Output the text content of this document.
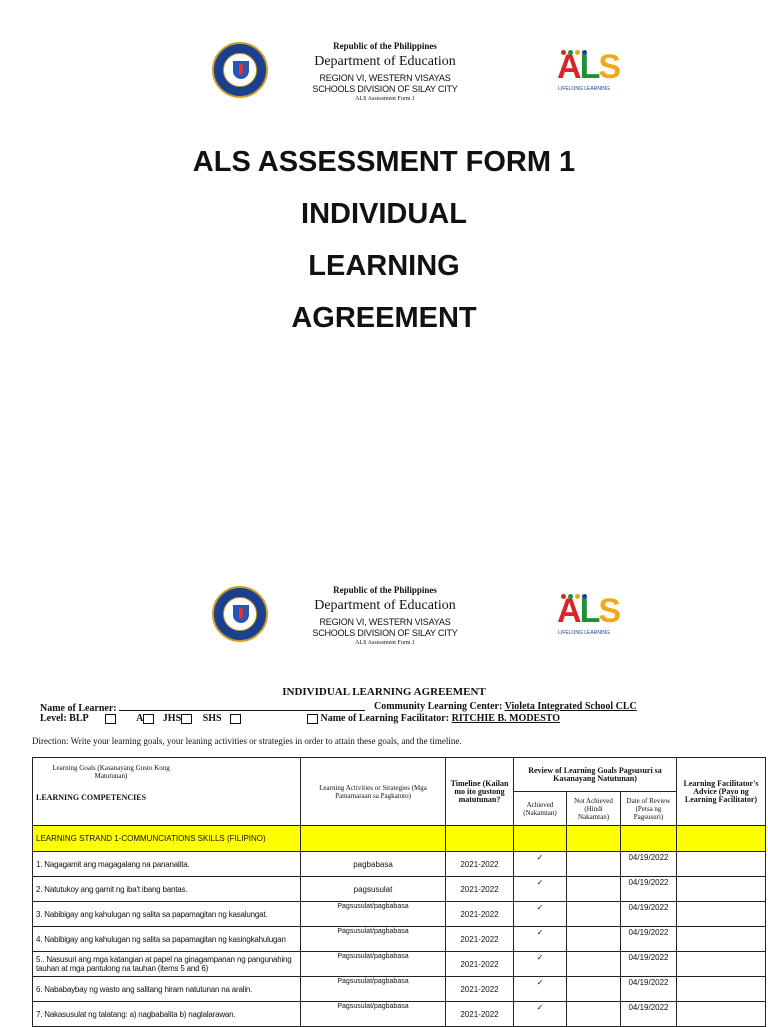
Republic of the Philippines
Department of Education
REGION VI, WESTERN VISAYAS
SCHOOLS DIVISION OF SILAY CITY
ALS Assessment Form 1
ALS
LIFELONG LEARNING
ALS ASSESSMENT FORM 1
INDIVIDUAL
LEARNING
AGREEMENT
Republic of the Philippines
Department of Education
REGION VI, WESTERN VISAYAS
SCHOOLS DIVISION OF SILAY CITY
ALS Assessment Form 1
ALS
LIFELONG LEARNING
INDIVIDUAL LEARNING AGREEMENT
Name of Learner:	Community Learning Center: Violeta Integrated School CLC
Level: BLP	A JHS SHS	Name of Learning Facilitator: RITCHIE B. MODESTO
Direction: Write your learning goals, your leaning activities or strategies in order to attain these goals, and the timeline.
Learning Goals (Kasanayang Gusto Kong Matutunan)
LEARNING COMPETENCIES	Learning Activities or Strategies (Mga Pamamaraan sa Pagkatuto)	Timeline (Kailan mo ito gustong matutunan?	Review of Learning Goals Pagsusuri sa Kasanayang Natutunan)			Learning Facilitator's Advice (Payo ng Learning Facilitator)
			Achieved (Nakamtan)	Not Achieved (Hindi Nakamtan)	Date of Review (Petsa ng Pagsusuri)	
LEARNING STRAND 1-COMMUNCIATIONS SKILLS (FILIPINO)						
1. Nagagamit ang magagalang na pananalita.	pagbabasa	2021-2022	✓		04/19/2022	
2. Natutukoy ang gamit ng iba't ibang bantas.	pagsusulat	2021-2022	✓		04/19/2022	
3. Nabibigay ang kahulugan ng salita sa papamagitan ng kasalungat.	Pagsusulat/pagbabasa	2021-2022	✓		04/19/2022	
4. Nabibigay ang kahulugan ng salita sa papamagitan ng kasingkahulugan	Pagsusulat/pagbabasa	2021-2022	✓		04/19/2022	
5.. Nasusuri ang mga katangian at papel na ginagampanan ng pangunahing tauhan at mga pantulong na tauhan (items 5 and 6)	Pagsusulat/pagbabasa	2021-2022	✓		04/19/2022	
6. Nababaybay ng wasto ang salitang hiram natutunan na aralin.	Pagsusulat/pagbabasa	2021-2022	✓		04/19/2022	
7. Nakasusulat ng talatang: a) nagbabalita b) naglalarawan.	Pagsusulat/pagbabasa	2021-2022	✓		04/19/2022	
